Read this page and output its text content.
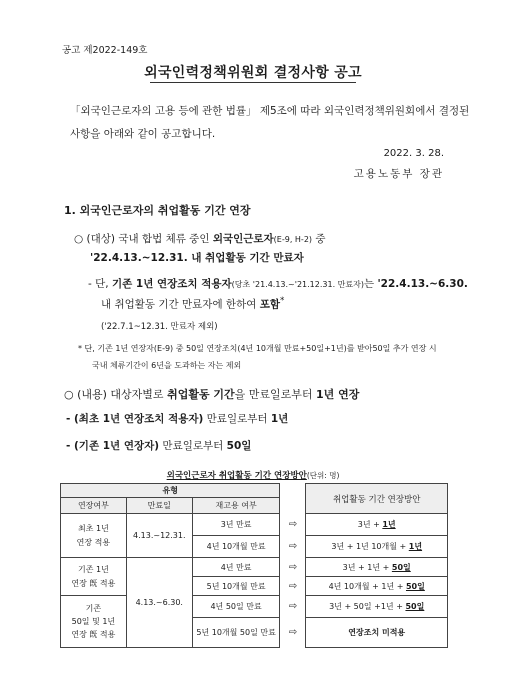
공고 제2022-149호
외국인력정책위원회 결정사항 공고
「외국인근로자의 고용 등에 관한 법률」 제5조에 따라 외국인력정책위원회에서 결정된 사항을 아래와 같이 공고합니다.
2022. 3. 28.
고용노동부 장관
1. 외국인근로자의 취업활동 기간 연장
○ (대상) 국내 합법 체류 중인 외국인근로자(E-9, H-2) 중
'22.4.13.~12.31. 내 취업활동 기간 만료자
- 단, 기존 1년 연장조치 적용자(당초 '21.4.13.~'21.12.31. 만료자)는 '22.4.13.~6.30.
내 취업활동 기간 만료자에 한하여 포함*
('22.7.1~12.31. 만료자 제외)
* 단, 기존 1년 연장자(E-9) 중 50일 연장조치(4년 10개월 만료+50일+1년)를 받아50일 추가 연장 시
국내 체류기간이 6년을 도과하는 자는 제외
○ (내용) 대상자별로 취업활동 기간을 만료일로부터 1년 연장
- (최초 1년 연장조치 적용자) 만료일로부터 1년
- (기존 1년 연장자) 만료일로부터 50일
외국인근로자 취업활동 기간 연장방안(단위: 명)
유형				취업활동 기간 연장방안
연장여부	만료일	재고용 여부		
최초 1년
연장 적용	4.13.~12.31.	3년 만료	⇨	3년 + 1년
		4년 10개월 만료	⇨	3년 + 1년 10개월 + 1년
기존 1년
연장 旣 적용	4.13.~6.30.	4년 만료	⇨	3년 + 1년 + 50일
		5년 10개월 만료	⇨	4년 10개월 + 1년 + 50일
기존
50일 및 1년
연장 旣 적용		4년 50일 만료	⇨	3년 + 50일 +1년 + 50일
		5년 10개월 50일 만료	⇨	연장조치 미적용
